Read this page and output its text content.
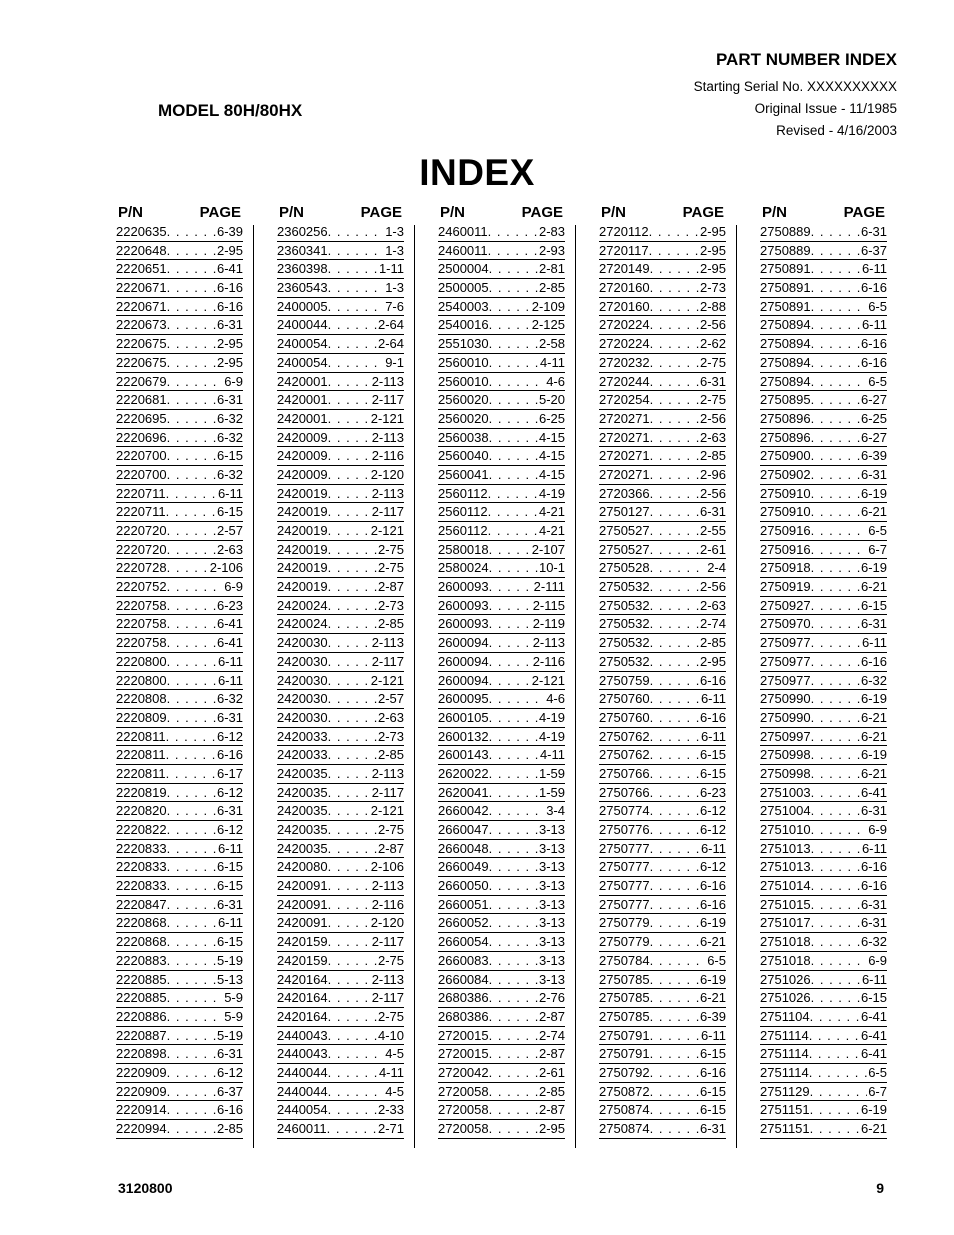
PART NUMBER INDEX
Starting Serial No. XXXXXXXXXX
Original Issue - 11/1985
Revised - 4/16/2003
MODEL 80H/80HX
INDEX
P/N	PAGE
2220635 . . .	6-39
2220648 . . .	2-95
2220651 . . .	6-41
2220671 . . .	6-16
2220671 . . .	6-16
2220673 . . .	6-31
2220675 . . .	2-95
2220675 . . .	2-95
2220679 . . .	6-9
2220681 . . .	6-31
2220695 . . .	6-32
2220696 . . .	6-32
2220700 . . .	6-15
2220700 . . .	6-32
2220711 . . .	6-11
2220711 . . .	6-15
2220720 . . .	2-57
2220720 . . .	2-63
2220728 . . .	2-106
2220752 . . .	6-9
2220758 . . .	6-23
2220758 . . .	6-41
2220758 . . .	6-41
2220800 . . .	6-11
2220800 . . .	6-11
2220808 . . .	6-32
2220809 . . .	6-31
2220811 . . .	6-12
2220811 . . .	6-16
2220811 . . .	6-17
2220819 . . .	6-12
2220820 . . .	6-31
2220822 . . .	6-12
2220833 . . .	6-11
2220833 . . .	6-15
2220833 . . .	6-15
2220847 . . .	6-31
2220868 . . .	6-11
2220868 . . .	6-15
2220883 . . .	5-19
2220885 . . .	5-13
2220885 . . .	5-9
2220886 . . .	5-9
2220887 . . .	5-19
2220898 . . .	6-31
2220909 . . .	6-12
2220909 . . .	6-37
2220914 . . .	6-16
2220994 . . .	2-85
P/N	PAGE
2360256 . . .	1-3
2360341 . . .	1-3
2360398 . . .	1-11
2360543 . . .	1-3
2400005 . . .	7-6
2400044 . . .	2-64
2400054 . . .	2-64
2400054 . . .	9-1
2420001 . . .	2-113
2420001 . . .	2-117
2420001 . . .	2-121
2420009 . . .	2-113
2420009 . . .	2-116
2420009 . . .	2-120
2420019 . . .	2-113
2420019 . . .	2-117
2420019 . . .	2-121
2420019 . . .	2-75
2420019 . . .	2-75
2420019 . . .	2-87
2420024 . . .	2-73
2420024 . . .	2-85
2420030 . . .	2-113
2420030 . . .	2-117
2420030 . . .	2-121
2420030 . . .	2-57
2420030 . . .	2-63
2420033 . . .	2-73
2420033 . . .	2-85
2420035 . . .	2-113
2420035 . . .	2-117
2420035 . . .	2-121
2420035 . . .	2-75
2420035 . . .	2-87
2420080 . . .	2-106
2420091 . . .	2-113
2420091 . . .	2-116
2420091 . . .	2-120
2420159 . . .	2-117
2420159 . . .	2-75
2420164 . . .	2-113
2420164 . . .	2-117
2420164 . . .	2-75
2440043 . . .	4-10
2440043 . . .	4-5
2440044 . . .	4-11
2440044 . . .	4-5
2440054 . . .	2-33
2460011 . . .	2-71
P/N	PAGE
2460011 . . .	2-83
2460011 . . .	2-93
2500004 . . .	2-81
2500005 . . .	2-85
2540003 . . .	2-109
2540016 . . .	2-125
2551030 . . .	2-58
2560010 . . .	4-11
2560010 . . .	4-6
2560020 . . .	5-20
2560020 . . .	6-25
2560038 . . .	4-15
2560040 . . .	4-15
2560041 . . .	4-15
2560112 . . .	4-19
2560112 . . .	4-21
2560112 . . .	4-21
2580018 . . .	2-107
2580024 . . .	10-1
2600093 . . .	2-111
2600093 . . .	2-115
2600093 . . .	2-119
2600094 . . .	2-113
2600094 . . .	2-116
2600094 . . .	2-121
2600095 . . .	4-6
2600105 . . .	4-19
2600132 . . .	4-19
2600143 . . .	4-11
2620022 . . .	1-59
2620041 . . .	1-59
2660042 . . .	3-4
2660047 . . .	3-13
2660048 . . .	3-13
2660049 . . .	3-13
2660050 . . .	3-13
2660051 . . .	3-13
2660052 . . .	3-13
2660054 . . .	3-13
2660083 . . .	3-13
2660084 . . .	3-13
2680386 . . .	2-76
2680386 . . .	2-87
2720015 . . .	2-74
2720015 . . .	2-87
2720042 . . .	2-61
2720058 . . .	2-85
2720058 . . .	2-87
2720058 . . .	2-95
P/N	PAGE
2720112 . . .	2-95
2720117 . . .	2-95
2720149 . . .	2-95
2720160 . . .	2-73
2720160 . . .	2-88
2720224 . . .	2-56
2720224 . . .	2-62
2720232 . . .	2-75
2720244 . . .	6-31
2720254 . . .	2-75
2720271 . . .	2-56
2720271 . . .	2-63
2720271 . . .	2-85
2720271 . . .	2-96
2720366 . . .	2-56
2750127 . . .	6-31
2750527 . . .	2-55
2750527 . . .	2-61
2750528 . . .	2-4
2750532 . . .	2-56
2750532 . . .	2-63
2750532 . . .	2-74
2750532 . . .	2-85
2750532 . . .	2-95
2750759 . . .	6-16
2750760 . . .	6-11
2750760 . . .	6-16
2750762 . . .	6-11
2750762 . . .	6-15
2750766 . . .	6-15
2750766 . . .	6-23
2750774 . . .	6-12
2750776 . . .	6-12
2750777 . . .	6-11
2750777 . . .	6-12
2750777 . . .	6-16
2750777 . . .	6-16
2750779 . . .	6-19
2750779 . . .	6-21
2750784 . . .	6-5
2750785 . . .	6-19
2750785 . . .	6-21
2750785 . . .	6-39
2750791 . . .	6-11
2750791 . . .	6-15
2750792 . . .	6-16
2750872 . . .	6-15
2750874 . . .	6-15
2750874 . . .	6-31
P/N	PAGE
2750889 . . .	6-31
2750889 . . .	6-37
2750891 . . .	6-11
2750891 . . .	6-16
2750891 . . .	6-5
2750894 . . .	6-11
2750894 . . .	6-16
2750894 . . .	6-16
2750894 . . .	6-5
2750895 . . .	6-27
2750896 . . .	6-25
2750896 . . .	6-27
2750900 . . .	6-39
2750902 . . .	6-31
2750910 . . .	6-19
2750910 . . .	6-21
2750916 . . .	6-5
2750916 . . .	6-7
2750918 . . .	6-19
2750919 . . .	6-21
2750927 . . .	6-15
2750970 . . .	6-31
2750977 . . .	6-11
2750977 . . .	6-16
2750977 . . .	6-32
2750990 . . .	6-19
2750990 . . .	6-21
2750997 . . .	6-21
2750998 . . .	6-19
2750998 . . .	6-21
2751003 . . .	6-41
2751004 . . .	6-31
2751010 . . .	6-9
2751013 . . .	6-11
2751013 . . .	6-16
2751014 . . .	6-16
2751015 . . .	6-31
2751017 . . .	6-31
2751018 . . .	6-32
2751018 . . .	6-9
2751026 . . .	6-11
2751026 . . .	6-15
2751104 . . .	6-41
2751114 . . .	6-41
2751114 . . .	6-41
2751114 . . .	6-5
2751129 . . .	6-7
2751151 . . .	6-19
2751151 . . .	6-21
3120800	9
